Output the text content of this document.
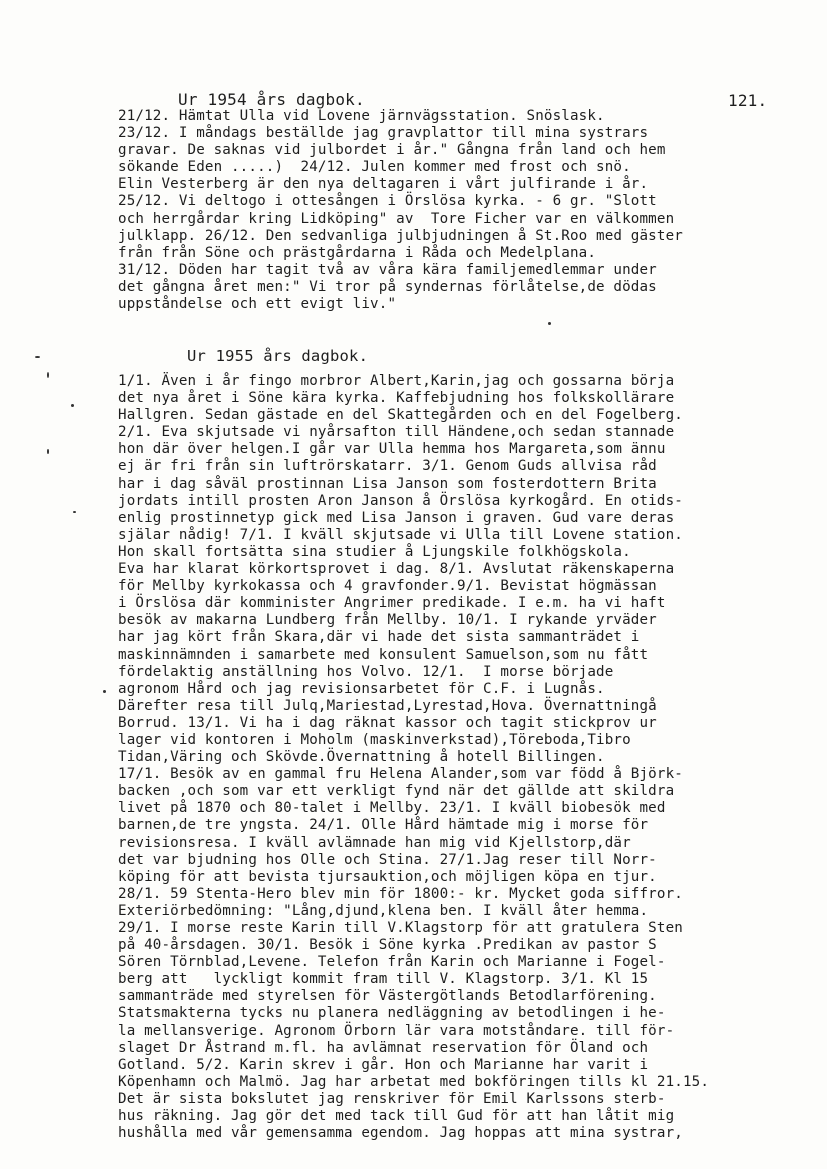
Ur 1954 års dagbok.	121.
21/12. Hämtat Ulla vid Lovene järnvägsstation. Snöslask.
23/12. I måndags beställde jag gravplattor till mina systrars
gravar. De saknas vid julbordet i år." Gångna från land och hem
sökande Eden .....)  24/12. Julen kommer med frost och snö.
Elin Vesterberg är den nya deltagaren i vårt julfirande i år.
25/12. Vi deltogo i ottesången i Örslösa kyrka. - 6 gr. "Slott
och herrgårdar kring Lidköping" av  Tore Ficher var en välkommen
julklapp. 26/12. Den sedvanliga julbjudningen å St.Roo med gäster
från från Söne och prästgårdarna i Råda och Medelplana.
31/12. Döden har tagit två av våra kära familjemedlemmar under
det gångna året men:" Vi tror på syndernas förlåtelse,de dödas
uppståndelse och ett evigt liv."
Ur 1955 års dagbok.
1/1. Även i år fingo morbror Albert,Karin,jag och gossarna börja
det nya året i Söne kära kyrka. Kaffebjudning hos folkskollärare
Hallgren. Sedan gästade en del Skattegården och en del Fogelberg.
2/1. Eva skjutsade vi nyårsafton till Händene,och sedan stannade
hon där över helgen.I går var Ulla hemma hos Margareta,som ännu
ej är fri från sin luftrörskatarr. 3/1. Genom Guds allvisa råd
har i dag såväl prostinnan Lisa Janson som fosterdottern Brita
jordats intill prosten Aron Janson å Örslösa kyrkogård. En otids-
enlig prostinnetyp gick med Lisa Janson i graven. Gud vare deras
själar nådig! 7/1. I kväll skjutsade vi Ulla till Lovene station.
Hon skall fortsätta sina studier å Ljungskile folkhögskola.
Eva har klarat körkortsprovet i dag. 8/1. Avslutat räkenskaperna
för Mellby kyrkokassa och 4 gravfonder.9/1. Bevistat högmässan
i Örslösa där komminister Angrimer predikade. I e.m. ha vi haft
besök av makarna Lundberg från Mellby. 10/1. I rykande yrväder
har jag kört från Skara,där vi hade det sista sammanträdet i
maskinnämnden i samarbete med konsulent Samuelson,som nu fått
fördelaktig anställning hos Volvo. 12/1.  I morse började
agronom Hård och jag revisionsarbetet för C.F. i Lugnås.
Därefter resa till Julq,Mariestad,Lyrestad,Hova. Övernattningå
Borrud. 13/1. Vi ha i dag räknat kassor och tagit stickprov ur
lager vid kontoren i Moholm (maskinverkstad),Töreboda,Tibro
Tidan,Väring och Skövde.Övernattning å hotell Billingen.
17/1. Besök av en gammal fru Helena Alander,som var född å Björk-
backen ,och som var ett verkligt fynd när det gällde att skildra
livet på 1870 och 80-talet i Mellby. 23/1. I kväll biobesök med
barnen,de tre yngsta. 24/1. Olle Hård hämtade mig i morse för
revisionsresa. I kväll avlämnade han mig vid Kjellstorp,där
det var bjudning hos Olle och Stina. 27/1.Jag reser till Norr-
köping för att bevista tjursauktion,och möjligen köpa en tjur.
28/1. 59 Stenta-Hero blev min för 1800:- kr. Mycket goda siffror.
Exteriörbedömning: "Lång,djund,klena ben. I kväll åter hemma.
29/1. I morse reste Karin till V.Klagstorp för att gratulera Sten
på 40-årsdagen. 30/1. Besök i Söne kyrka .Predikan av pastor S
Sören Törnblad,Levene. Telefon från Karin och Marianne i Fogel-
berg att   lyckligt kommit fram till V. Klagstorp. 3/1. Kl 15
sammanträde med styrelsen för Västergötlands Betodlarförening.
Statsmakterna tycks nu planera nedläggning av betodlingen i he-
la mellansverige. Agronom Örborn lär vara motståndare. till för-
slaget Dr Åstrand m.fl. ha avlämnat reservation för Öland och
Gotland. 5/2. Karin skrev i går. Hon och Marianne har varit i
Köpenhamn och Malmö. Jag har arbetat med bokföringen tills kl 21.15.
Det är sista bokslutet jag renskriver för Emil Karlssons sterb-
hus räkning. Jag gör det med tack till Gud för att han låtit mig
hushålla med vår gemensamma egendom. Jag hoppas att mina systrar,
